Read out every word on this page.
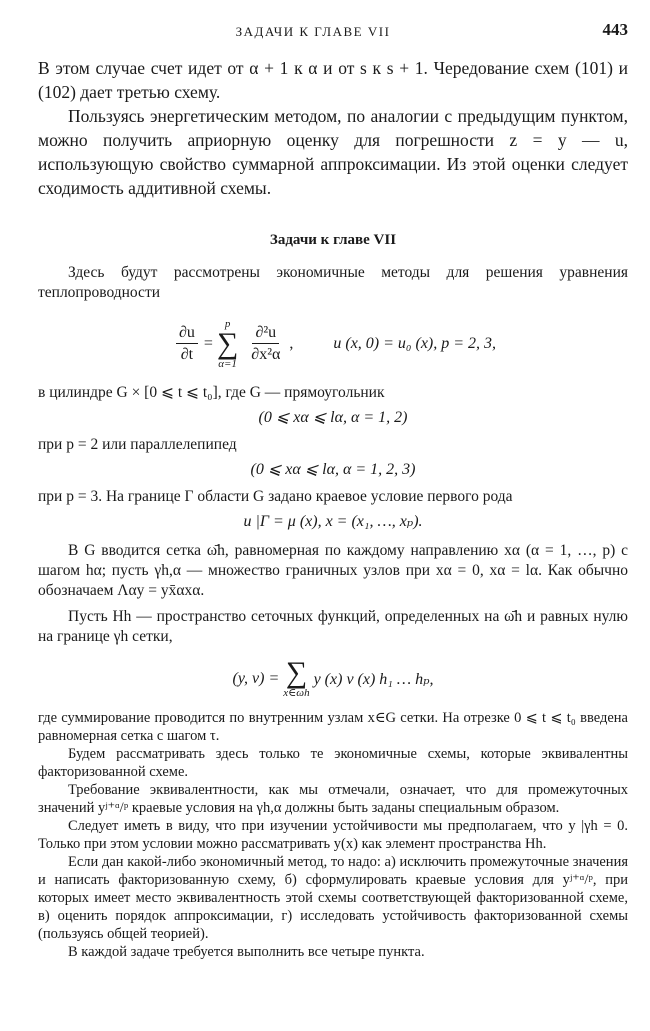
ЗАДАЧИ К ГЛАВЕ VII	443

В этом случае счет идет от α + 1 к α и от s к s + 1. Чередование схем (101) и (102) дает третью схему.

Пользуясь энергетическим методом, по аналогии с предыдущим пунктом, можно получить априорную оценку для погрешности z = y — u, использующую свойство суммарной аппроксимации. Из этой оценки следует сходимость аддитивной схемы.

Задачи к главе VII

Здесь будут рассмотрены экономичные методы для решения уравнения теплопроводности

$\frac{\partial u}{\partial t}$ =
p
∑
$\alpha=1 \frac{\text{∂²u}}{\text{∂x²α}}$ ,	u (x, 0) = u₀ (x), p = 2, 3,

в цилиндре G × [0 ⩽ t ⩽ t₀], где G — прямоугольник

(0 ⩽ xα ⩽ lα, α = 1, 2)

при p = 2 или параллелепипед

(0 ⩽ xα ⩽ lα, α = 1, 2, 3)

при p = 3. На границе Γ области G задано краевое условие первого рода

u |Γ = μ (x), x = (x₁, …, xₚ).

В G вводится сетка ω̄h, равномерная по каждому направлению xα (α = 1, …, p) с шагом hα; пусть γh,α — множество граничных узлов при xα = 0, xα = lα. Как обычно обозначаем Λαy = yx̄αxα.

Пусть Hh — пространство сеточных функций, определенных на ω̄h и равных нулю на границе γh сетки,

(y, v) = ∑
x∈ωh
y (x) v (x) h₁ … hₚ,

где суммирование проводится по внутренним узлам x∈G сетки. На отрезке 0 ⩽ t ⩽ t₀ введена равномерная сетка с шагом τ.

Будем рассматривать здесь только те экономичные схемы, которые эквивалентны факторизованной схеме.

Требование эквивалентности, как мы отмечали, означает, что для промежуточных значений yʲ⁺ᵅ/ᵖ краевые условия на γh,α должны быть заданы специальным образом.

Следует иметь в виду, что при изучении устойчивости мы предполагаем, что y |γh = 0. Только при этом условии можно рассматривать y(x) как элемент пространства Hh.

Если дан какой-либо экономичный метод, то надо: а) исключить промежуточные значения и написать факторизованную схему, б) сформулировать краевые условия для yʲ⁺ᵅ/ᵖ, при которых имеет место эквивалентность этой схемы соответствующей факторизованной схеме, в) оценить порядок аппроксимации, г) исследовать устойчивость факторизованной схемы (пользуясь общей теорией).

В каждой задаче требуется выполнить все четыре пункта.
